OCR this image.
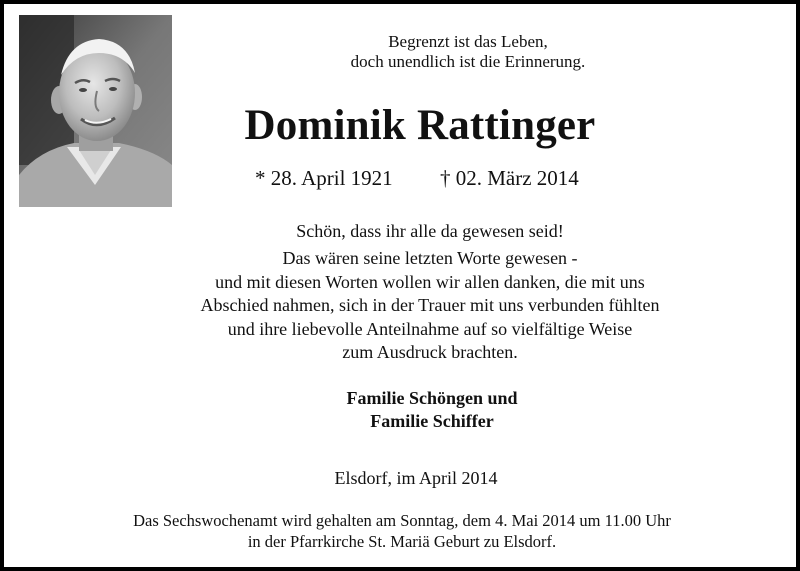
Begrenzt ist das Leben,
doch unendlich ist die Erinnerung.
Dominik Rattinger
* 28. April 1921 † 02. März 2014
Schön, dass ihr alle da gewesen seid!
Das wären seine letzten Worte gewesen -
und mit diesen Worten wollen wir allen danken, die mit uns
Abschied nahmen, sich in der Trauer mit uns verbunden fühlten
und ihre liebevolle Anteilnahme auf so vielfältige Weise
zum Ausdruck brachten.
Familie Schöngen und
Familie Schiffer
Elsdorf, im April 2014
Das Sechswochenamt wird gehalten am Sonntag, dem 4. Mai 2014 um 11.00 Uhr
in der Pfarrkirche St. Mariä Geburt zu Elsdorf.
